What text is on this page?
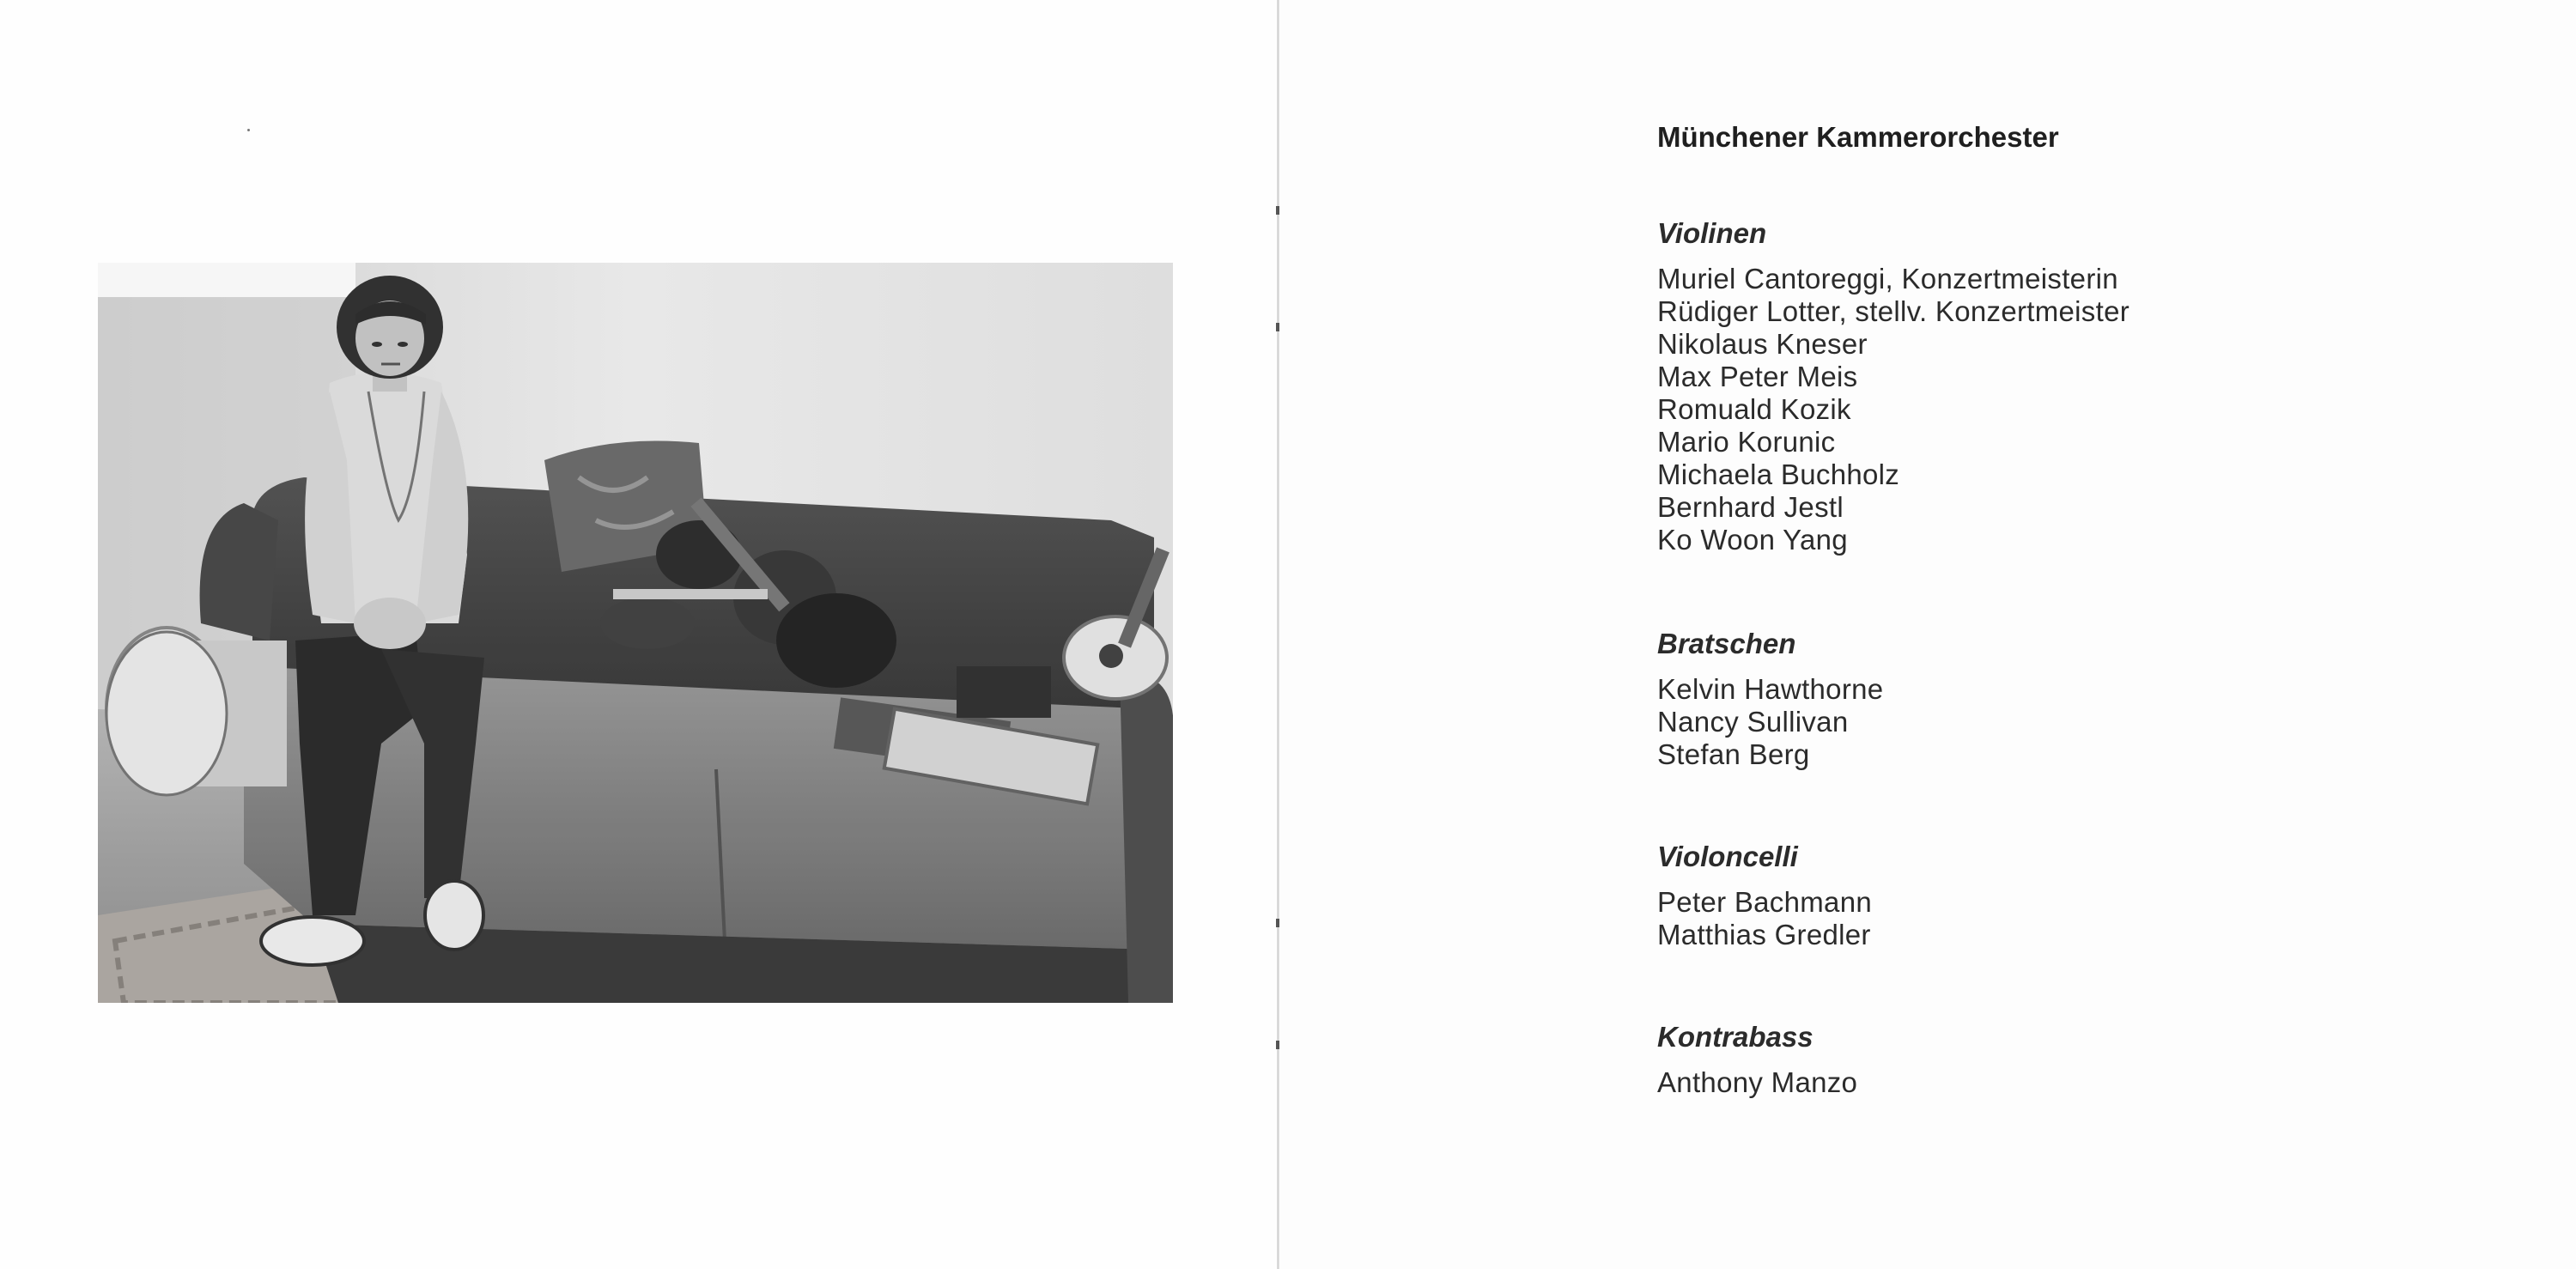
Münchener Kammerorchester
Violinen
Muriel Cantoreggi, Konzertmeisterin
Rüdiger Lotter, stellv. Konzertmeister
Nikolaus Kneser
Max Peter Meis
Romuald Kozik
Mario Korunic
Michaela Buchholz
Bernhard Jestl
Ko Woon Yang
Bratschen
Kelvin Hawthorne
Nancy Sullivan
Stefan Berg
Violoncelli
Peter Bachmann
Matthias Gredler
Kontrabass
Anthony Manzo
